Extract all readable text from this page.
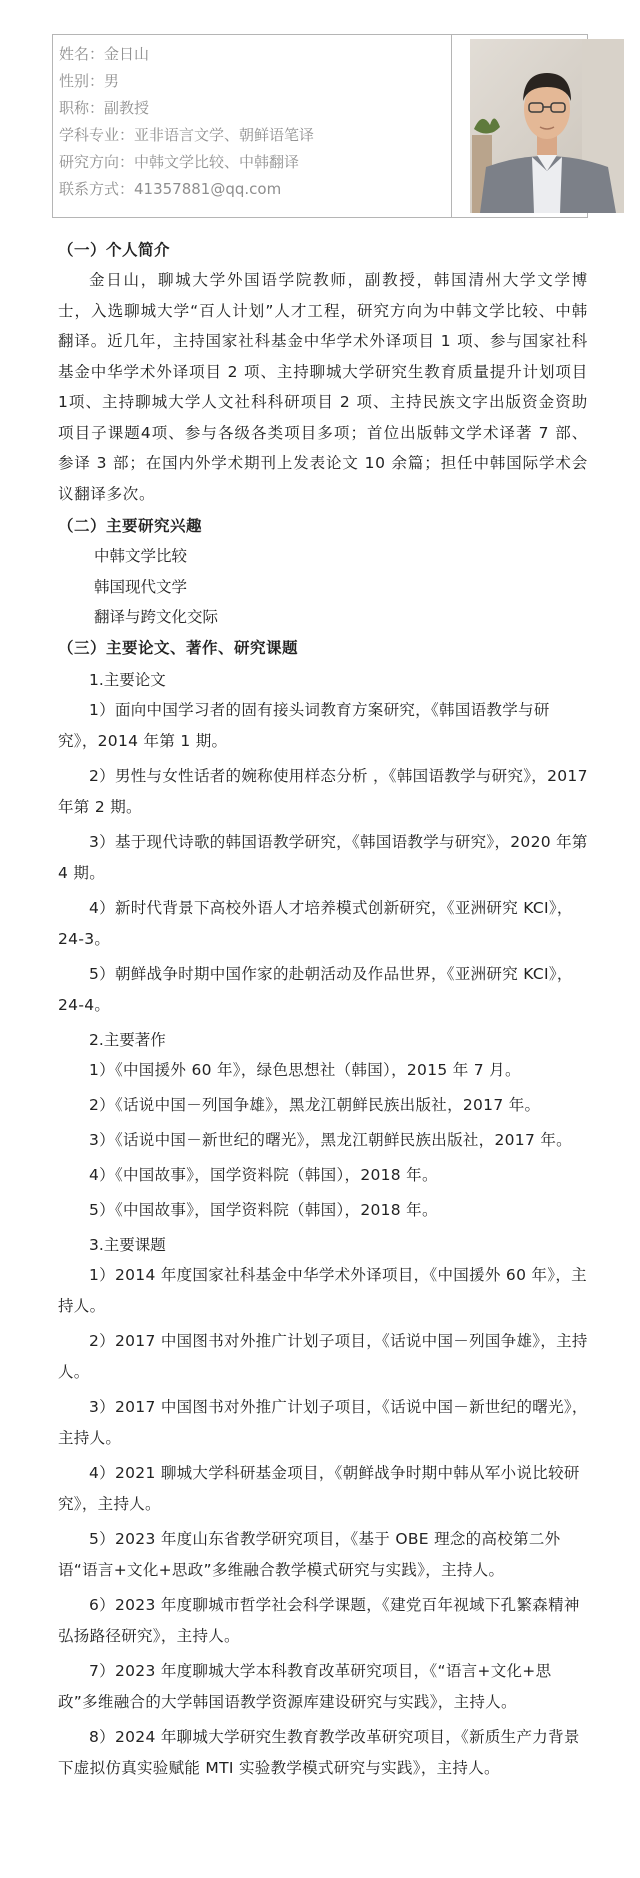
姓名：金日山
性别：男
职称：副教授
学科专业：亚非语言文学、朝鲜语笔译
研究方向：中韩文学比较、中韩翻译
联系方式：41357881@qq.com
（一）个人简介
金日山，聊城大学外国语学院教师，副教授，韩国清州大学文学博士，入选聊城大学“百人计划”人才工程，研究方向为中韩文学比较、中韩翻译。近几年，主持国家社科基金中华学术外译项目 1 项、参与国家社科基金中华学术外译项目 2 项、主持聊城大学研究生教育质量提升计划项目1项、主持聊城大学人文社科科研项目 2 项、主持民族文字出版资金资助项目子课题4项、参与各级各类项目多项；首位出版韩文学术译著 7 部、参译 3 部；在国内外学术期刊上发表论文 10 余篇；担任中韩国际学术会议翻译多次。
（二）主要研究兴趣
中韩文学比较
韩国现代文学
翻译与跨文化交际
（三）主要论文、著作、研究课题
1.主要论文
1）面向中国学习者的固有接头词教育方案研究，《韩国语教学与研究》，2014 年第 1 期。
2）男性与女性话者的婉称使用样态分析 ，《韩国语教学与研究》，2017 年第 2 期。
3）基于现代诗歌的韩国语教学研究，《韩国语教学与研究》，2020 年第 4 期。
4）新时代背景下高校外语人才培养模式创新研究，《亚洲研究 KCI》，24-3。
5）朝鲜战争时期中国作家的赴朝活动及作品世界，《亚洲研究 KCI》，24-4。
2.主要著作
1）《中国援外 60 年》，绿色思想社（韩国），2015 年 7 月。
2）《话说中国－列国争雄》，黑龙江朝鲜民族出版社，2017 年。
3）《话说中国－新世纪的曙光》，黑龙江朝鲜民族出版社，2017 年。
4）《中国故事》，国学资料院（韩国），2018 年。
5）《中国故事》，国学资料院（韩国），2018 年。
3.主要课题
1）2014 年度国家社科基金中华学术外译项目，《中国援外 60 年》，主持人。
2）2017 中国图书对外推广计划子项目，《话说中国－列国争雄》，主持人。
3）2017 中国图书对外推广计划子项目，《话说中国－新世纪的曙光》，主持人。
4）2021 聊城大学科研基金项目，《朝鲜战争时期中韩从军小说比较研究》，主持人。
5）2023 年度山东省教学研究项目，《基于 OBE 理念的高校第二外语“语言+文化+思政”多维融合教学模式研究与实践》，主持人。
6）2023 年度聊城市哲学社会科学课题，《建党百年视域下孔繁森精神弘扬路径研究》，主持人。
7）2023 年度聊城大学本科教育改革研究项目，《“语言+文化+思政”多维融合的大学韩国语教学资源库建设研究与实践》，主持人。
8）2024 年聊城大学研究生教育教学改革研究项目，《新质生产力背景下虚拟仿真实验赋能 MTI 实验教学模式研究与实践》，主持人。
